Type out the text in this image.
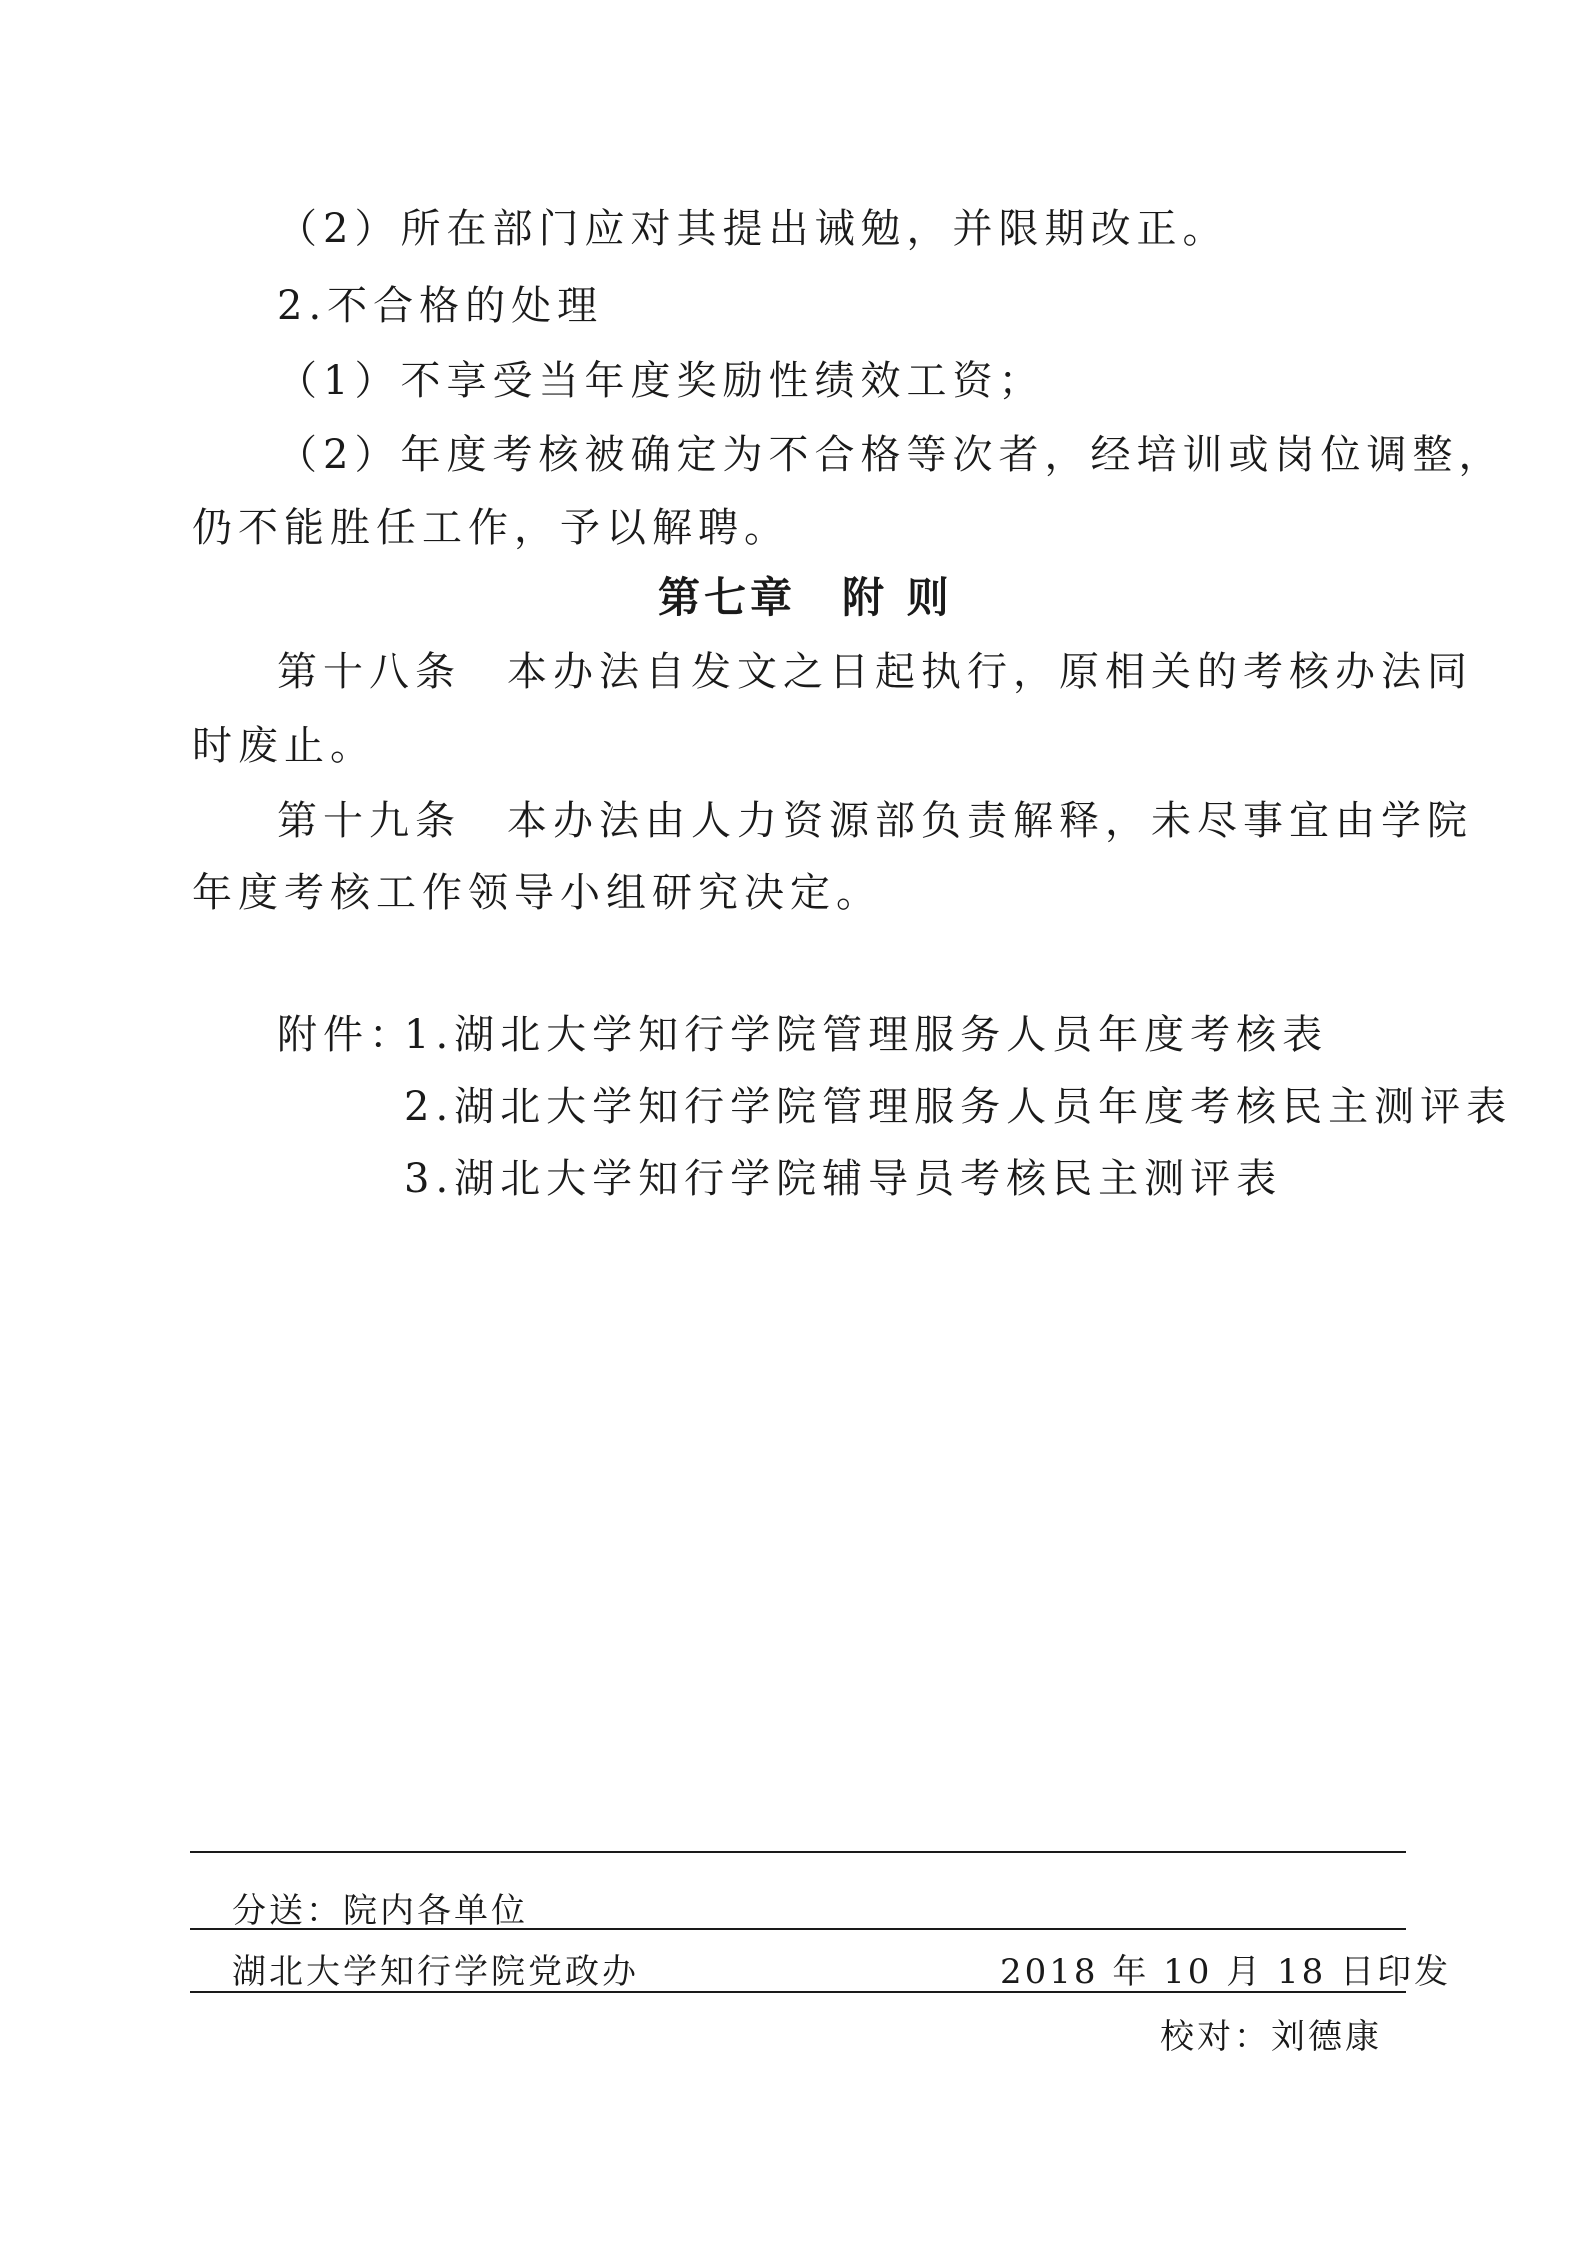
（2）所在部门应对其提出诫勉，并限期改正。
2.不合格的处理
（1）不享受当年度奖励性绩效工资；
（2）年度考核被确定为不合格等次者，经培训或岗位调整，
仍不能胜任工作，予以解聘。
第七章　附 则
第十八条　本办法自发文之日起执行，原相关的考核办法同
时废止。
第十九条　本办法由人力资源部负责解释，未尽事宜由学院
年度考核工作领导小组研究决定。
附件：
1.湖北大学知行学院管理服务人员年度考核表
2.湖北大学知行学院管理服务人员年度考核民主测评表
3.湖北大学知行学院辅导员考核民主测评表
分送：院内各单位
湖北大学知行学院党政办	2018 年 10 月 18 日印发
校对：刘德康
